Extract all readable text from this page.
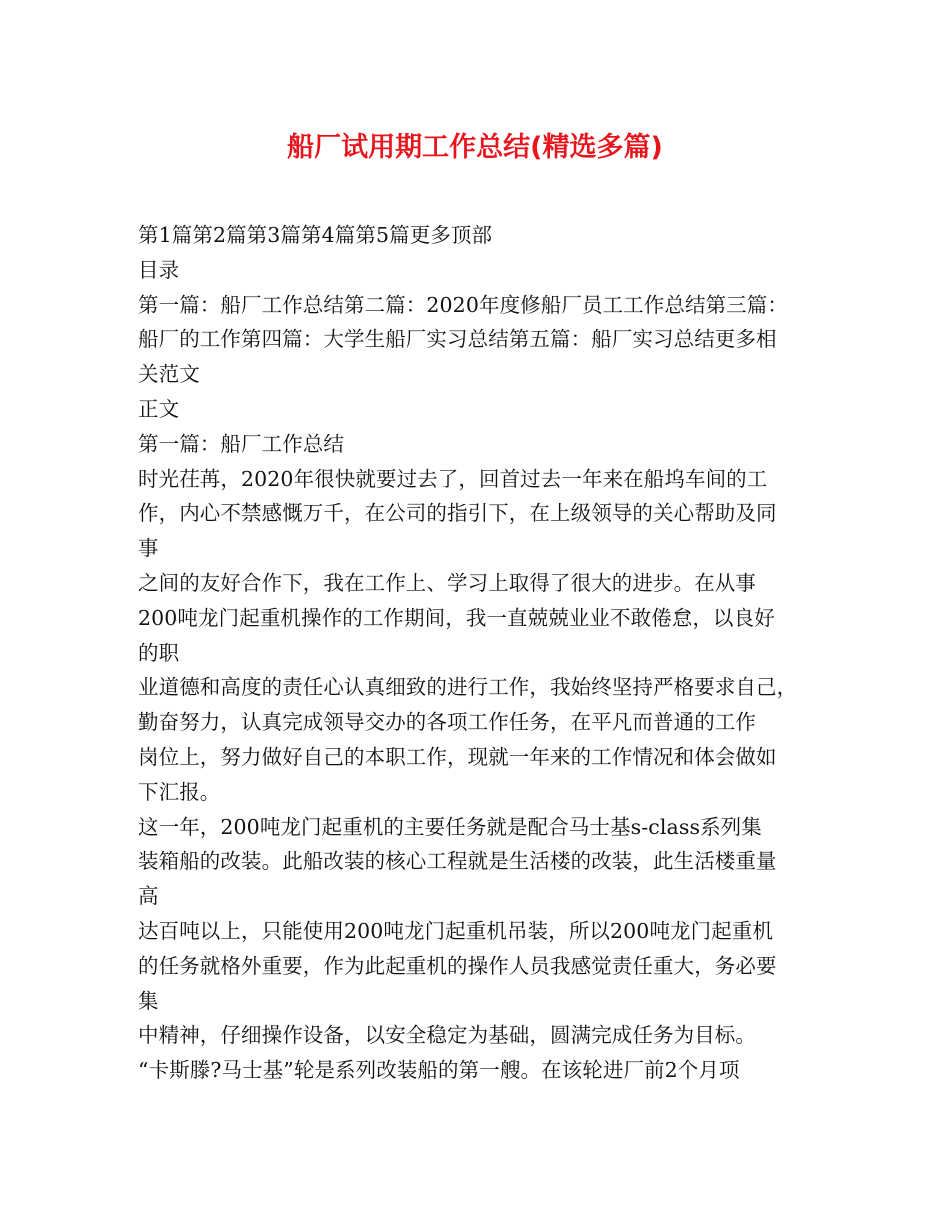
船厂试用期工作总结(精选多篇)
第1篇第2篇第3篇第4篇第5篇更多顶部
目录
第一篇：船厂工作总结第二篇：2020年度修船厂员工工作总结第三篇：
船厂的工作第四篇：大学生船厂实习总结第五篇：船厂实习总结更多相
关范文
正文
第一篇：船厂工作总结
时光茌苒，2020年很快就要过去了，回首过去一年来在船坞车间的工
作，内心不禁感慨万千，在公司的指引下，在上级领导的关心帮助及同
事
之间的友好合作下，我在工作上、学习上取得了很大的进步。在从事
200吨龙门起重机操作的工作期间，我一直兢兢业业不敢倦怠，以良好
的职
业道德和高度的责任心认真细致的进行工作，我始终坚持严格要求自己，
勤奋努力，认真完成领导交办的各项工作任务，在平凡而普通的工作
岗位上，努力做好自己的本职工作，现就一年来的工作情况和体会做如
下汇报。
这一年，200吨龙门起重机的主要任务就是配合马士基s-class系列集
装箱船的改装。此船改装的核心工程就是生活楼的改装，此生活楼重量
高
达百吨以上，只能使用200吨龙门起重机吊装，所以200吨龙门起重机
的任务就格外重要，作为此起重机的操作人员我感觉责任重大，务必要
集
中精神，仔细操作设备，以安全稳定为基础，圆满完成任务为目标。
“卡斯滕?马士基”轮是系列改装船的第一艘。在该轮进厂前2个月项
